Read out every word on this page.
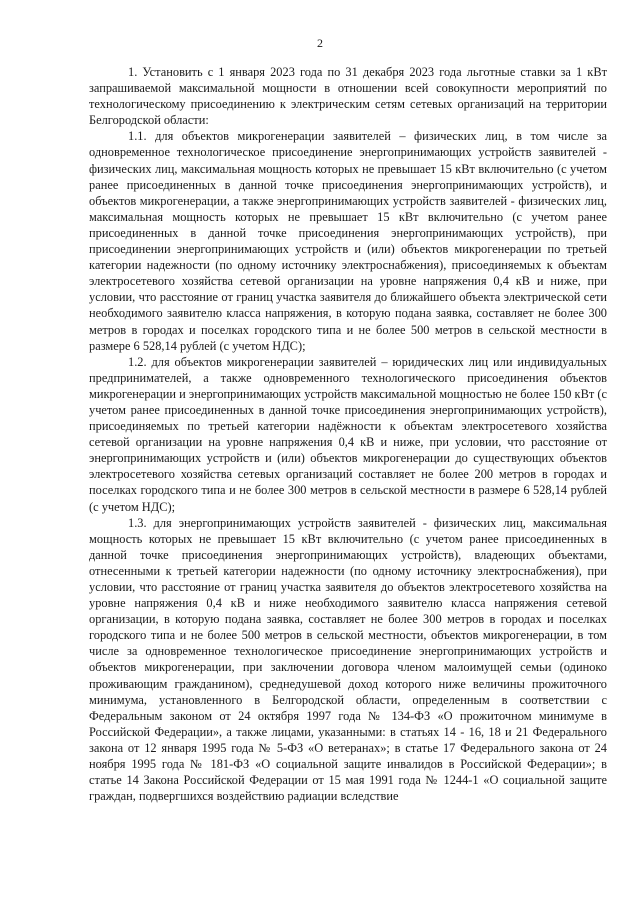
2

1. Установить с 1 января 2023 года по 31 декабря 2023 года льготные ставки за 1 кВт запрашиваемой максимальной мощности в отношении всей совокупности мероприятий по технологическому присоединению к электрическим сетям сетевых организаций на территории Белгородской области:

1.1. для объектов микрогенерации заявителей – физических лиц, в том числе за одновременное технологическое присоединение энергопринимающих устройств заявителей - физических лиц, максимальная мощность которых не превышает 15 кВт включительно (с учетом ранее присоединенных в данной точке присоединения энергопринимающих устройств), и объектов микрогенерации, а также энергопринимающих устройств заявителей - физических лиц, максимальная мощность которых не превышает 15 кВт включительно (с учетом ранее присоединенных в данной точке присоединения энергопринимающих устройств), при присоединении энергопринимающих устройств и (или) объектов микрогенерации по третьей категории надежности (по одному источнику электроснабжения), присоединяемых к объектам электросетевого хозяйства сетевой организации на уровне напряжения 0,4 кВ и ниже, при условии, что расстояние от границ участка заявителя до ближайшего объекта электрической сети необходимого заявителю класса напряжения, в которую подана заявка, составляет не более 300 метров в городах и поселках городского типа и не более 500 метров в сельской местности в размере 6 528,14 рублей (с учетом НДС);

1.2. для объектов микрогенерации заявителей – юридических лиц или индивидуальных предпринимателей, а также одновременного технологического присоединения объектов микрогенерации и энергопринимающих устройств максимальной мощностью не более 150 кВт (с учетом ранее присоединенных в данной точке присоединения энергопринимающих устройств), присоединяемых по третьей категории надёжности к объектам электросетевого хозяйства сетевой организации на уровне напряжения 0,4 кВ и ниже, при условии, что расстояние от энергопринимающих устройств и (или) объектов микрогенерации до существующих объектов электросетевого хозяйства сетевых организаций составляет не более 200 метров в городах и поселках городского типа и не более 300 метров в сельской местности в размере 6 528,14 рублей (с учетом НДС);

1.3. для энергопринимающих устройств заявителей - физических лиц, максимальная мощность которых не превышает 15 кВт включительно (с учетом ранее присоединенных в данной точке присоединения энергопринимающих устройств), владеющих объектами, отнесенными к третьей категории надежности (по одному источнику электроснабжения), при условии, что расстояние от границ участка заявителя до объектов электросетевого хозяйства на уровне напряжения 0,4 кВ и ниже необходимого заявителю класса напряжения сетевой организации, в которую подана заявка, составляет не более 300 метров в городах и поселках городского типа и не более 500 метров в сельской местности, объектов микрогенерации, в том числе за одновременное технологическое присоединение энергопринимающих устройств и объектов микрогенерации, при заключении договора членом малоимущей семьи (одиноко проживающим гражданином), среднедушевой доход которого ниже величины прожиточного минимума, установленного в Белгородской области, определенным в соответствии с Федеральным законом от 24 октября 1997 года № 134-ФЗ «О прожиточном минимуме в Российской Федерации», а также лицами, указанными: в статьях 14 - 16, 18 и 21 Федерального закона от 12 января 1995 года № 5-ФЗ «О ветеранах»; в статье 17 Федерального закона от 24 ноября 1995 года № 181-ФЗ «О социальной защите инвалидов в Российской Федерации»; в статье 14 Закона Российской Федерации от 15 мая 1991 года № 1244-1 «О социальной защите граждан, подвергшихся воздействию радиации вследствие
